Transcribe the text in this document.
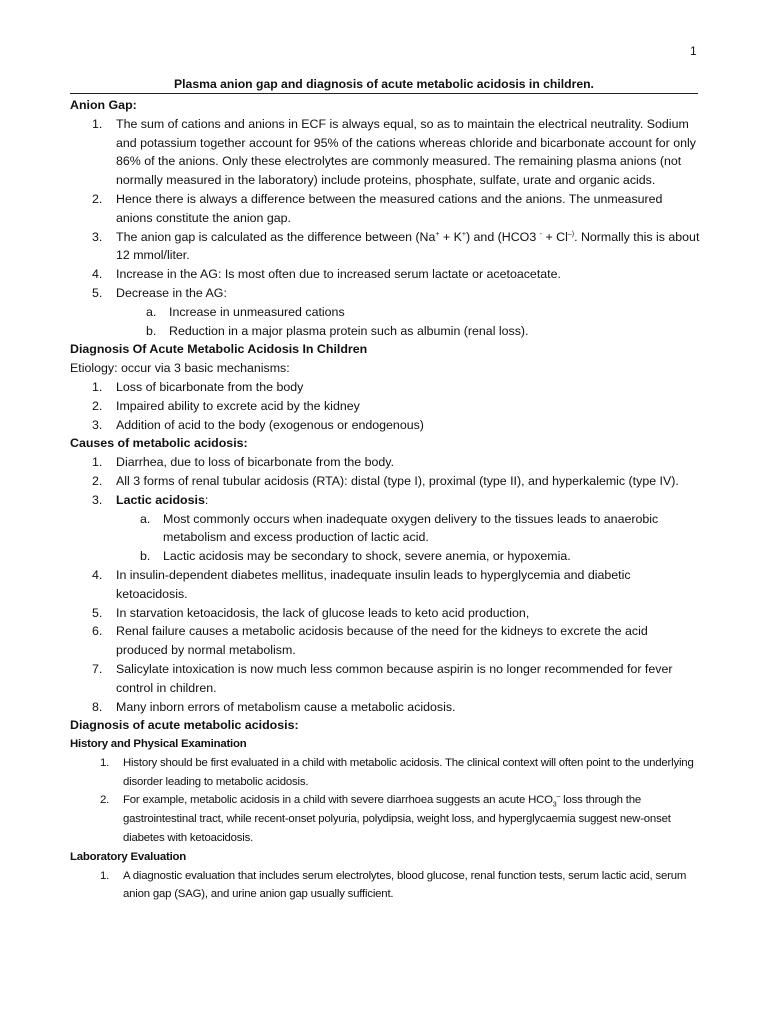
1
Plasma anion gap and diagnosis of acute metabolic acidosis in children.
Anion Gap:
1. The sum of cations and anions in ECF is always equal, so as to maintain the electrical neutrality. Sodium and potassium together account for 95% of the cations whereas chloride and bicarbonate account for only 86% of the anions. Only these electrolytes are commonly measured. The remaining plasma anions (not normally measured in the laboratory) include proteins, phosphate, sulfate, urate and organic acids.
2. Hence there is always a difference between the measured cations and the anions. The unmeasured anions constitute the anion gap.
3. The anion gap is calculated as the difference between (Na+ + K+) and (HCO3 - + Cl–). Normally this is about 12 mmol/liter.
4. Increase in the AG: Is most often due to increased serum lactate or acetoacetate.
5. Decrease in the AG:
a. Increase in unmeasured cations
b. Reduction in a major plasma protein such as albumin (renal loss).
Diagnosis Of Acute Metabolic Acidosis In Children
Etiology: occur via 3 basic mechanisms:
1. Loss of bicarbonate from the body
2. Impaired ability to excrete acid by the kidney
3. Addition of acid to the body (exogenous or endogenous)
Causes of metabolic acidosis:
1. Diarrhea, due to loss of bicarbonate from the body.
2. All 3 forms of renal tubular acidosis (RTA): distal (type I), proximal (type II), and hyperkalemic (type IV).
3. Lactic acidosis:
a. Most commonly occurs when inadequate oxygen delivery to the tissues leads to anaerobic metabolism and excess production of lactic acid.
b. Lactic acidosis may be secondary to shock, severe anemia, or hypoxemia.
4. In insulin-dependent diabetes mellitus, inadequate insulin leads to hyperglycemia and diabetic ketoacidosis.
5. In starvation ketoacidosis, the lack of glucose leads to keto acid production,
6. Renal failure causes a metabolic acidosis because of the need for the kidneys to excrete the acid produced by normal metabolism.
7. Salicylate intoxication is now much less common because aspirin is no longer recommended for fever control in children.
8. Many inborn errors of metabolism cause a metabolic acidosis.
Diagnosis of acute metabolic acidosis:
History and Physical Examination
1. History should be first evaluated in a child with metabolic acidosis. The clinical context will often point to the underlying disorder leading to metabolic acidosis.
2. For example, metabolic acidosis in a child with severe diarrhoea suggests an acute $HCO_3^-$ loss through the gastrointestinal tract, while recent-onset polyuria, polydipsia, weight loss, and hyperglycaemia suggest new-onset diabetes with ketoacidosis.
Laboratory Evaluation
1. A diagnostic evaluation that includes serum electrolytes, blood glucose, renal function tests, serum lactic acid, serum anion gap (SAG), and urine anion gap usually sufficient.
